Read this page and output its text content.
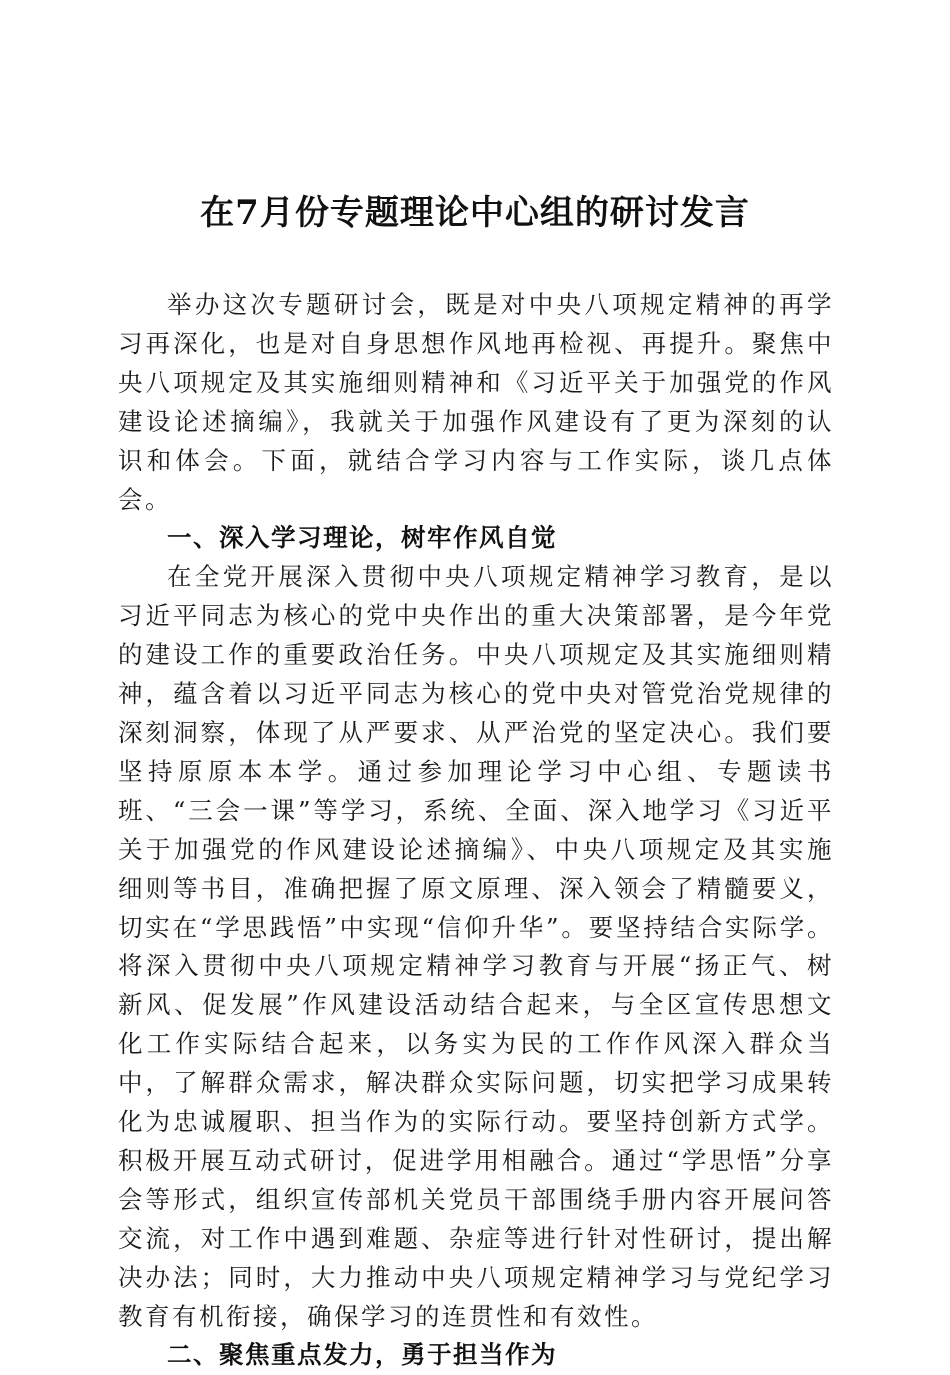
在7月份专题理论中心组的研讨发言

举办这次专题研讨会，既是对中央八项规定精神的再学习再深化，也是对自身思想作风地再检视、再提升。聚焦中央八项规定及其实施细则精神和《习近平关于加强党的作风建设论述摘编》，我就关于加强作风建设有了更为深刻的认识和体会。下面，就结合学习内容与工作实际，谈几点体会。

一、深入学习理论，树牢作风自觉

在全党开展深入贯彻中央八项规定精神学习教育，是以习近平同志为核心的党中央作出的重大决策部署，是今年党的建设工作的重要政治任务。中央八项规定及其实施细则精神，蕴含着以习近平同志为核心的党中央对管党治党规律的深刻洞察，体现了从严要求、从严治党的坚定决心。我们要坚持原原本本学。通过参加理论学习中心组、专题读书班、“三会一课”等学习，系统、全面、深入地学习《习近平关于加强党的作风建设论述摘编》、中央八项规定及其实施细则等书目，准确把握了原文原理、深入领会了精髓要义，切实在“学思践悟”中实现“信仰升华”。要坚持结合实际学。将深入贯彻中央八项规定精神学习教育与开展“扬正气、树新风、促发展”作风建设活动结合起来，与全区宣传思想文化工作实际结合起来，以务实为民的工作作风深入群众当中，了解群众需求，解决群众实际问题，切实把学习成果转化为忠诚履职、担当作为的实际行动。要坚持创新方式学。积极开展互动式研讨，促进学用相融合。通过“学思悟”分享会等形式，组织宣传部机关党员干部围绕手册内容开展问答交流，对工作中遇到难题、杂症等进行针对性研讨，提出解决办法；同时，大力推动中央八项规定精神学习与党纪学习教育有机衔接，确保学习的连贯性和有效性。

二、聚焦重点发力，勇于担当作为
